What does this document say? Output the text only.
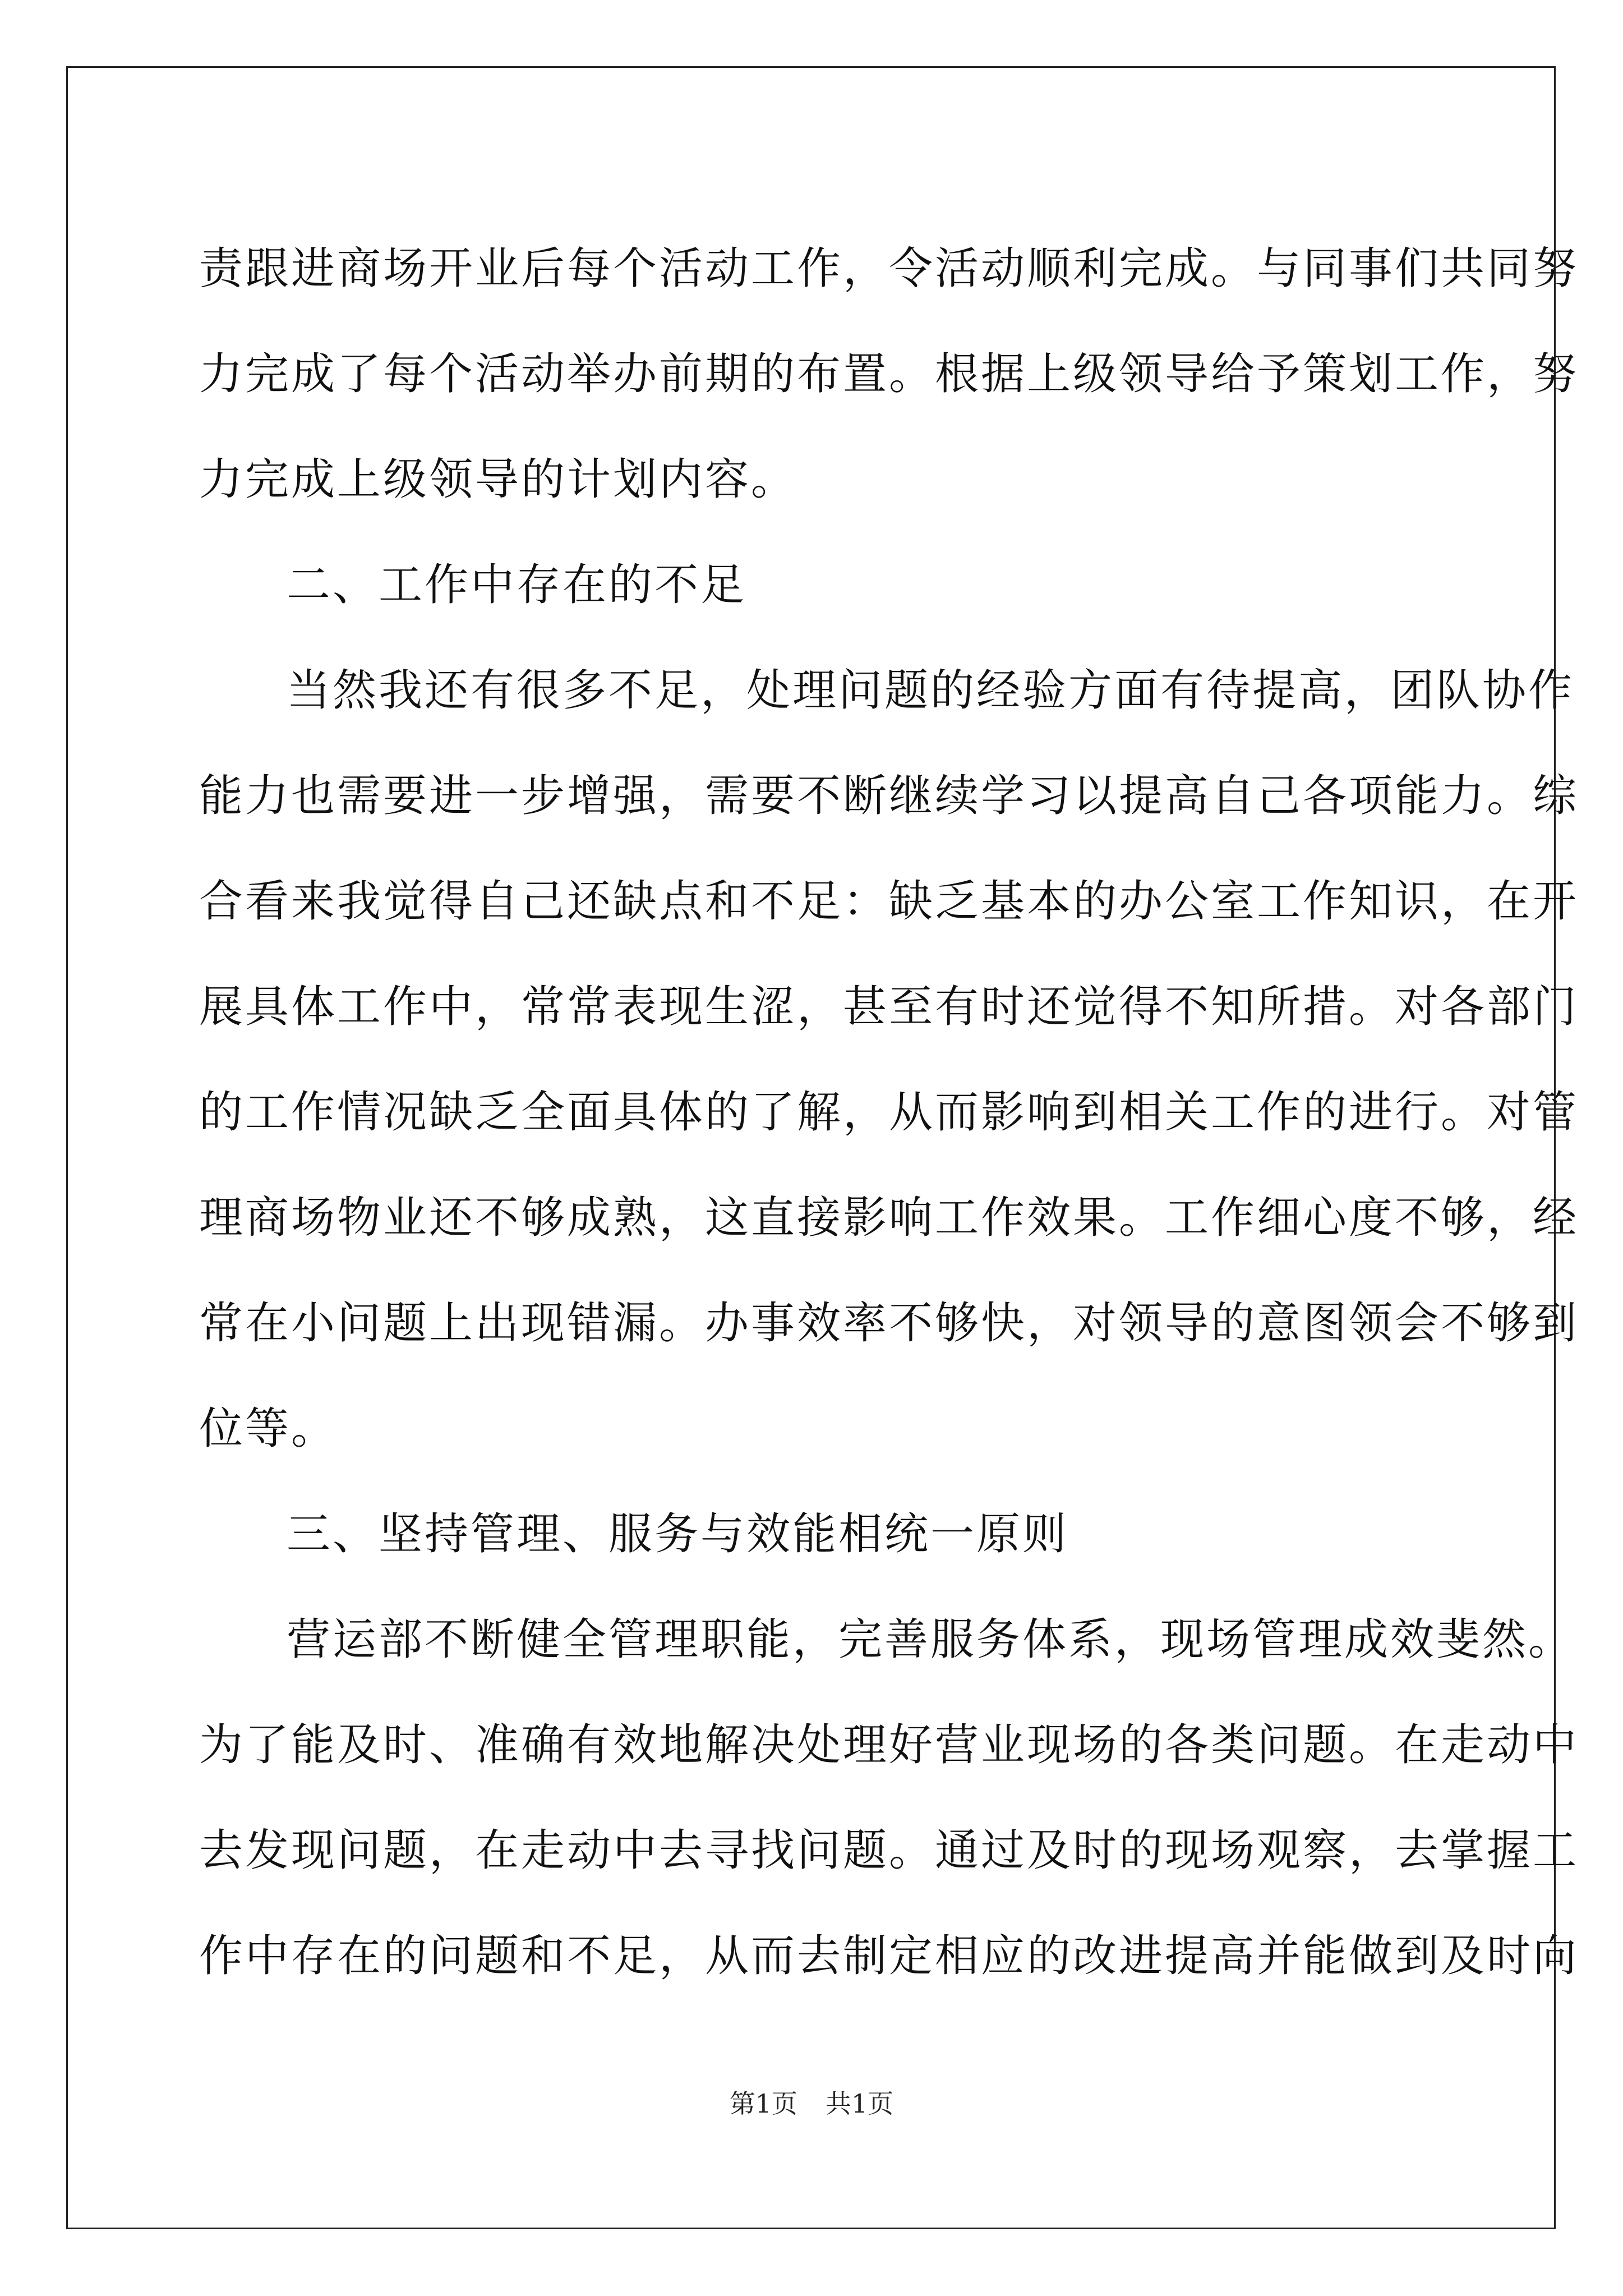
责跟进商场开业后每个活动工作，令活动顺利完成。与同事们共同努
力完成了每个活动举办前期的布置。根据上级领导给予策划工作，努
力完成上级领导的计划内容。
二、工作中存在的不足
当然我还有很多不足，处理问题的经验方面有待提高，团队协作
能力也需要进一步增强，需要不断继续学习以提高自己各项能力。综
合看来我觉得自己还缺点和不足：缺乏基本的办公室工作知识，在开
展具体工作中，常常表现生涩，甚至有时还觉得不知所措。对各部门
的工作情况缺乏全面具体的了解，从而影响到相关工作的进行。对管
理商场物业还不够成熟，这直接影响工作效果。工作细心度不够，经
常在小问题上出现错漏。办事效率不够快，对领导的意图领会不够到
位等。
三、坚持管理、服务与效能相统一原则
营运部不断健全管理职能，完善服务体系，现场管理成效斐然。
为了能及时、准确有效地解决处理好营业现场的各类问题。在走动中
去发现问题，在走动中去寻找问题。通过及时的现场观察，去掌握工
作中存在的问题和不足，从而去制定相应的改进提高并能做到及时向
第1页 共1页
